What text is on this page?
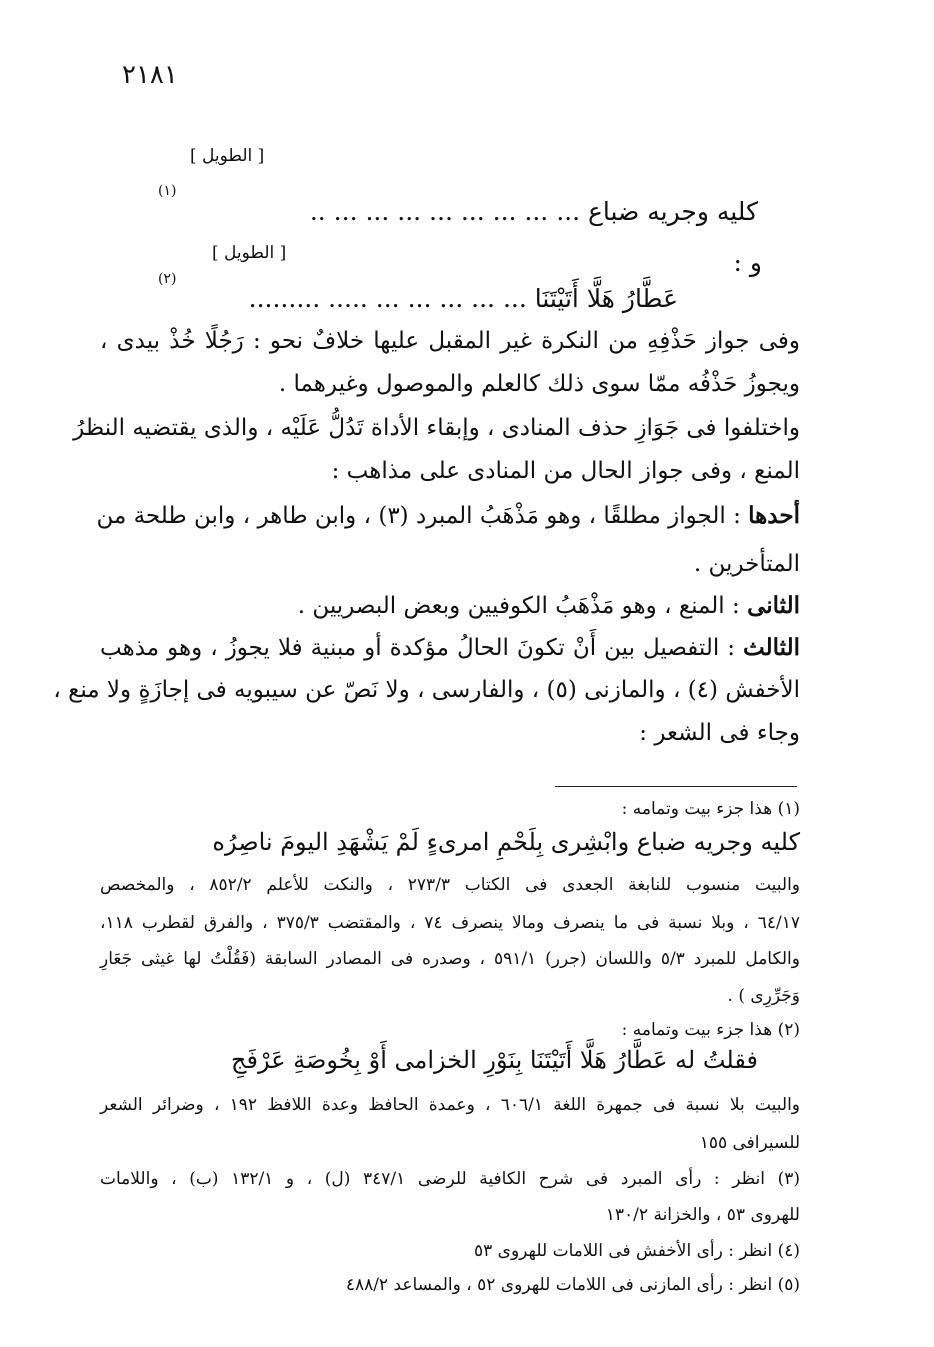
٢١٨١
[ الطويل ]
(١)
كليه وجريه ضباع ... ... ... ... ... ... ... ... ..
و :
[ الطويل ]
(٢)
عَطَّارُ هَلَّا أَتَيْتَنَا ... ... ... ... ... ..... .........
وفى جواز حَذْفِهِ من النكرة غير المقبل عليها خلافٌ نحو : رَجُلًا خُذْ بيدى ،
ويجوزُ حَذْفُه ممّا سوى ذلك كالعلم والموصول وغيرهما .
واختلفوا فى جَوَازِ حذف المنادى ، وإبقاء الأداة تَدُلُّ عَلَيْه ، والذى يقتضيه النظرُ
المنع ، وفى جواز الحال من المنادى على مذاهب :
أحدها : الجواز مطلقًا ، وهو مَذْهَبُ المبرد (٣) ، وابن طاهر ، وابن طلحة من
المتأخرين .
الثانى : المنع ، وهو مَذْهَبُ الكوفيين وبعض البصريين .
الثالث : التفصيل بين أَنْ تكونَ الحالُ مؤكدة أو مبنية فلا يجوزُ ، وهو مذهب
الأخفش (٤) ، والمازنى (٥) ، والفارسى ، ولا نَصّ عن سيبويه فى إجازَةٍ ولا منع ،
وجاء فى الشعر :
(١) هذا جزء بيت وتمامه :
كليه وجريه ضباع وابْشِرى بِلَحْمِ امرىءٍ لَمْ يَشْهَدِ اليومَ ناصِرُه
والبيت منسوب للنابغة الجعدى فى الكتاب ٢٧٣/٣ ، والنكت للأعلم ٨٥٢/٢ ، والمخصص
٦٤/١٧ ، وبلا نسبة فى ما ينصرف ومالا ينصرف ٧٤ ، والمقتضب ٣٧٥/٣ ، والفرق لقطرب ١١٨،
والكامل للمبرد ٥/٣ واللسان (جرر) ٥٩١/١ ، وصدره فى المصادر السابقة (فَقُلْتُ لها غيثى جَعَارِ
وَجَرِّرِى ) .
(٢) هذا جزء بيت وتمامه :
فقلتُ له عَطَّارُ هَلَّا أَتَيْتَنَا بِنَوْرِ الخزامى أَوْ بِخُوصَةِ عَرْفَجِ
والبيت بلا نسبة فى جمهرة اللغة ٦٠٦/١ ، وعمدة الحافظ وعدة اللافظ ١٩٢ ، وضرائر الشعر
للسيرافى ١٥٥
(٣) انظر : رأى المبرد فى شرح الكافية للرضى ٣٤٧/١ (ل) ، و ١٣٢/١ (ب) ، واللامات
للهروى ٥٣ ، والخزانة ١٣٠/٢
(٤) انظر : رأى الأخفش فى اللامات للهروى ٥٣
(٥) انظر : رأى المازنى فى اللامات للهروى ٥٢ ، والمساعد ٤٨٨/٢
